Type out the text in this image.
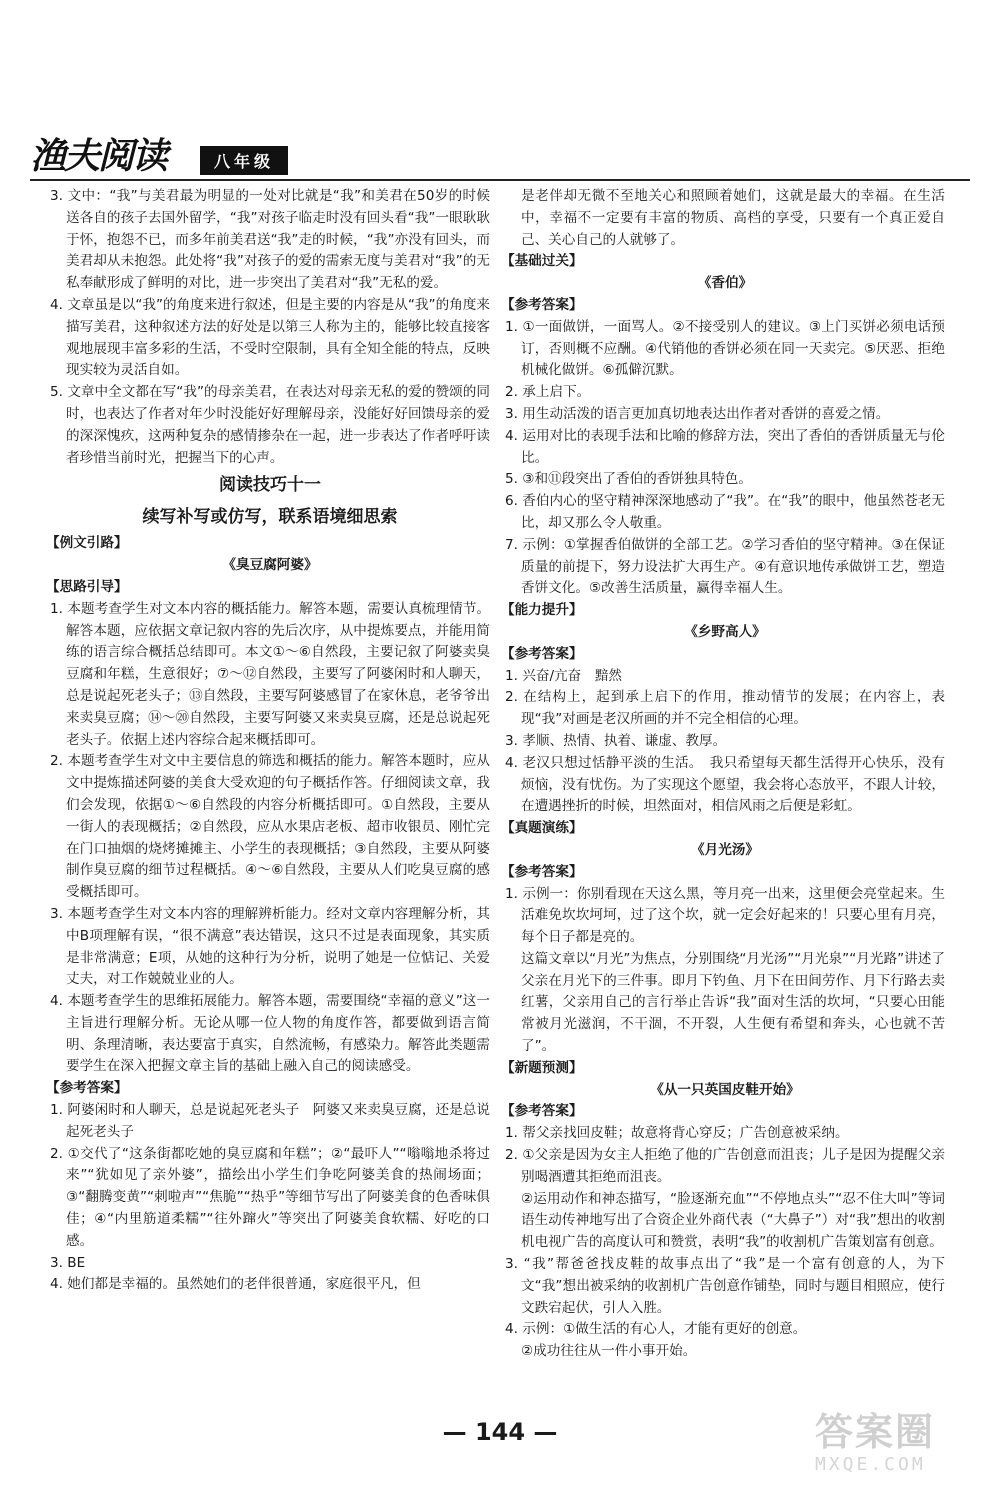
渔夫阅读	八年级

3. 文中：“我”与美君最为明显的一处对比就是“我”和美君在50岁的时候送各自的孩子去国外留学，“我”对孩子临走时没有回头看“我”一眼耿耿于怀，抱怨不已，而多年前美君送“我”走的时候，“我”亦没有回头，而美君却从未抱怨。此处将“我”对孩子的爱的需索无度与美君对“我”的无私奉献形成了鲜明的对比，进一步突出了美君对“我”无私的爱。

4. 文章虽是以“我”的角度来进行叙述，但是主要的内容是从“我”的角度来描写美君，这种叙述方法的好处是以第三人称为主的，能够比较直接客观地展现丰富多彩的生活，不受时空限制，具有全知全能的特点，反映现实较为灵活自如。

5. 文章中全文都在写“我”的母亲美君，在表达对母亲无私的爱的赞颂的同时，也表达了作者对年少时没能好好理解母亲，没能好好回馈母亲的爱的深深愧疚，这两种复杂的感情掺杂在一起，进一步表达了作者呼吁读者珍惜当前时光，把握当下的心声。

阅读技巧十一

续写补写或仿写，联系语境细思索

【例文引路】

《臭豆腐阿婆》

【思路引导】

1. 本题考查学生对文本内容的概括能力。解答本题，需要认真梳理情节。解答本题，应依据文章记叙内容的先后次序，从中提炼要点，并能用简练的语言综合概括总结即可。本文①～⑥自然段，主要记叙了阿婆卖臭豆腐和年糕，生意很好；⑦～⑫自然段，主要写了阿婆闲时和人聊天，总是说起死老头子；⑬自然段，主要写阿婆感冒了在家休息，老爷爷出来卖臭豆腐；⑭～⑳自然段，主要写阿婆又来卖臭豆腐，还是总说起死老头子。依据上述内容综合起来概括即可。

2. 本题考查学生对文中主要信息的筛选和概括的能力。解答本题时，应从文中提炼描述阿婆的美食大受欢迎的句子概括作答。仔细阅读文章，我们会发现，依据①～⑥自然段的内容分析概括即可。①自然段，主要从一街人的表现概括；②自然段，应从水果店老板、超市收银员、刚忙完在门口抽烟的烧烤摊摊主、小学生的表现概括；③自然段，主要从阿婆制作臭豆腐的细节过程概括。④～⑥自然段，主要从人们吃臭豆腐的感受概括即可。

3. 本题考查学生对文本内容的理解辨析能力。经对文章内容理解分析，其中B项理解有误，“很不满意”表达错误，这只不过是表面现象，其实质是非常满意；E项，从她的这种行为分析，说明了她是一位惦记、关爱丈夫，对工作兢兢业业的人。

4. 本题考查学生的思维拓展能力。解答本题，需要围绕“幸福的意义”这一主旨进行理解分析。无论从哪一位人物的角度作答，都要做到语言简明、条理清晰，表达要富于真实，自然流畅，有感染力。解答此类题需要学生在深入把握文章主旨的基础上融入自己的阅读感受。

【参考答案】

1. 阿婆闲时和人聊天，总是说起死老头子　阿婆又来卖臭豆腐，还是总说起死老头子

2. ①交代了“这条街都吃她的臭豆腐和年糕”；②“最吓人”“嗡嗡地杀将过来”“犹如见了亲外婆”，描绘出小学生们争吃阿婆美食的热闹场面；③“翻腾变黄”“刺啦声”“焦脆”“热乎”等细节写出了阿婆美食的色香味俱佳；④“内里筋道柔糯”“往外蹿火”等突出了阿婆美食软糯、好吃的口感。

3. BE

4. 她们都是幸福的。虽然她们的老伴很普通，家庭很平凡，但

是老伴却无微不至地关心和照顾着她们，这就是最大的幸福。在生活中，幸福不一定要有丰富的物质、高档的享受，只要有一个真正爱自己、关心自己的人就够了。

【基础过关】

《香伯》

【参考答案】

1. ①一面做饼，一面骂人。②不接受别人的建议。③上门买饼必须电话预订，否则概不应酬。④代销他的香饼必须在同一天卖完。⑤厌恶、拒绝机械化做饼。⑥孤僻沉默。

2. 承上启下。

3. 用生动活泼的语言更加真切地表达出作者对香饼的喜爱之情。

4. 运用对比的表现手法和比喻的修辞方法，突出了香伯的香饼质量无与伦比。

5. ③和⑪段突出了香伯的香饼独具特色。

6. 香伯内心的坚守精神深深地感动了“我”。在“我”的眼中，他虽然苍老无比，却又那么令人敬重。

7. 示例：①掌握香伯做饼的全部工艺。②学习香伯的坚守精神。③在保证质量的前提下，努力设法扩大再生产。④有意识地传承做饼工艺，塑造香饼文化。⑤改善生活质量，赢得幸福人生。

【能力提升】

《乡野高人》

【参考答案】

1. 兴奋/亢奋　黯然

2. 在结构上，起到承上启下的作用，推动情节的发展；在内容上，表现“我”对画是老汉所画的并不完全相信的心理。

3. 孝顺、热情、执着、谦虚、教厚。

4. 老汉只想过恬静平淡的生活。　我只希望每天都生活得开心快乐，没有烦恼，没有忧伤。为了实现这个愿望，我会将心态放平，不跟人计较，在遭遇挫折的时候，坦然面对，相信风雨之后便是彩虹。

【真题演练】

《月光汤》

【参考答案】

1. 示例一：你别看现在天这么黑，等月亮一出来，这里便会亮堂起来。生活难免坎坎坷坷，过了这个坎，就一定会好起来的！只要心里有月亮，每个日子都是亮的。

这篇文章以“月光”为焦点，分别围绕“月光汤”“月光泉”“月光路”讲述了父亲在月光下的三件事。即月下钓鱼、月下在田间劳作、月下行路去卖红薯，父亲用自己的言行举止告诉“我”面对生活的坎坷，“只要心田能常被月光滋润，不干涸，不开裂，人生便有希望和奔头，心也就不苦了”。

【新题预测】

《从一只英国皮鞋开始》

【参考答案】

1. 帮父亲找回皮鞋；故意将背心穿反；广告创意被采纳。

2. ①父亲是因为女主人拒绝了他的广告创意而沮丧；儿子是因为提醒父亲别喝酒遭其拒绝而沮丧。

②运用动作和神态描写，“脸逐渐充血”“不停地点头”“忍不住大叫”等词语生动传神地写出了合资企业外商代表（“大鼻子”）对“我”想出的收割机电视广告的高度认可和赞赏，表明“我”的收割机广告策划富有创意。

3. “我”帮爸爸找皮鞋的故事点出了“我”是一个富有创意的人，为下文“我”想出被采纳的收割机广告创意作铺垫，同时与题目相照应，使行文跌宕起伏，引人入胜。

4. 示例：①做生活的有心人，才能有更好的创意。

②成功往往从一件小事开始。

— 144 —	答案圈
MXQE.COM
